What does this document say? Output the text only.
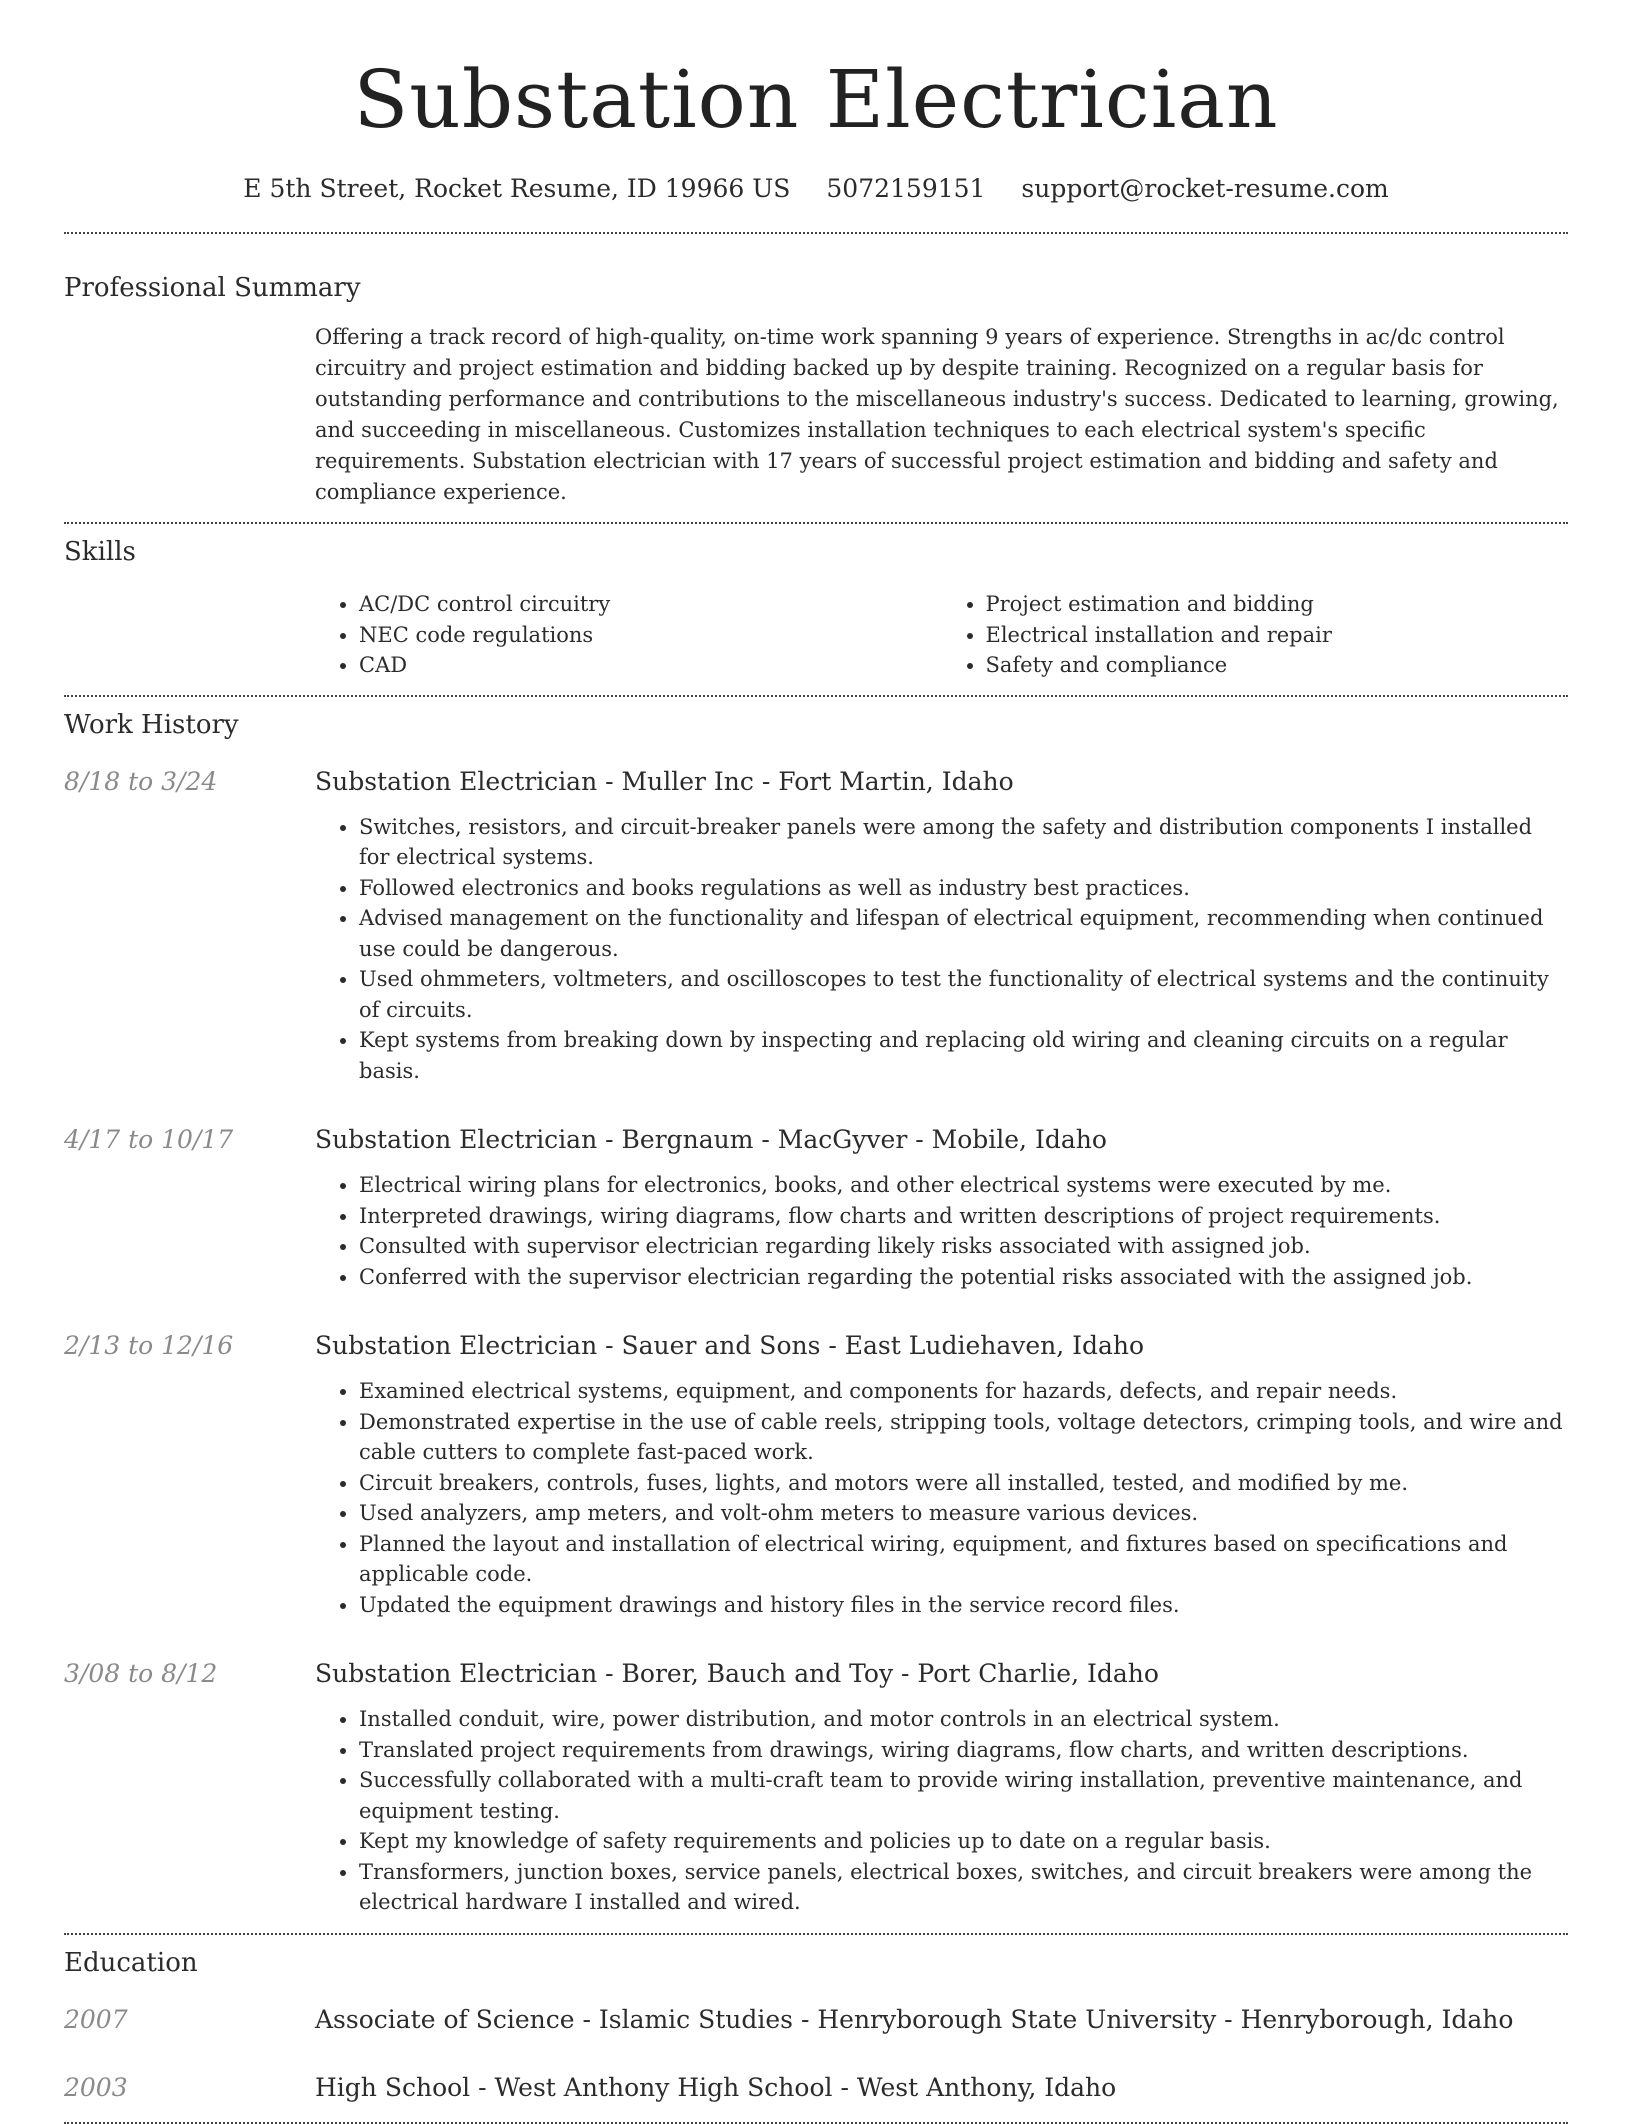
Substation Electrician
E 5th Street, Rocket Resume, ID 19966 US 5072159151 support@rocket-resume.com
Professional Summary

Offering a track record of high-quality, on-time work spanning 9 years of experience. Strengths in ac/dc control circuitry and project estimation and bidding backed up by despite training. Recognized on a regular basis for outstanding performance and contributions to the miscellaneous industry's success. Dedicated to learning, growing, and succeeding in miscellaneous. Customizes installation techniques to each electrical system's specific requirements. Substation electrician with 17 years of successful project estimation and bidding and safety and compliance experience.

Skills
• AC/DC control circuitry
• NEC code regulations
• CAD
• Project estimation and bidding
• Electrical installation and repair
• Safety and compliance
Work History
8/18 to 3/24	Substation Electrician - Muller Inc - Fort Martin, Idaho
• Switches, resistors, and circuit-breaker panels were among the safety and distribution components I installed for electrical systems.
• Followed electronics and books regulations as well as industry best practices.
• Advised management on the functionality and lifespan of electrical equipment, recommending when continued use could be dangerous.
• Used ohmmeters, voltmeters, and oscilloscopes to test the functionality of electrical systems and the continuity of circuits.
• Kept systems from breaking down by inspecting and replacing old wiring and cleaning circuits on a regular basis.
4/17 to 10/17	Substation Electrician - Bergnaum - MacGyver - Mobile, Idaho
• Electrical wiring plans for electronics, books, and other electrical systems were executed by me.
• Interpreted drawings, wiring diagrams, flow charts and written descriptions of project requirements.
• Consulted with supervisor electrician regarding likely risks associated with assigned job.
• Conferred with the supervisor electrician regarding the potential risks associated with the assigned job.
2/13 to 12/16	Substation Electrician - Sauer and Sons - East Ludiehaven, Idaho
• Examined electrical systems, equipment, and components for hazards, defects, and repair needs.
• Demonstrated expertise in the use of cable reels, stripping tools, voltage detectors, crimping tools, and wire and cable cutters to complete fast-paced work.
• Circuit breakers, controls, fuses, lights, and motors were all installed, tested, and modified by me.
• Used analyzers, amp meters, and volt-ohm meters to measure various devices.
• Planned the layout and installation of electrical wiring, equipment, and fixtures based on specifications and applicable code.
• Updated the equipment drawings and history files in the service record files.
3/08 to 8/12	Substation Electrician - Borer, Bauch and Toy - Port Charlie, Idaho
• Installed conduit, wire, power distribution, and motor controls in an electrical system.
• Translated project requirements from drawings, wiring diagrams, flow charts, and written descriptions.
• Successfully collaborated with a multi-craft team to provide wiring installation, preventive maintenance, and equipment testing.
• Kept my knowledge of safety requirements and policies up to date on a regular basis.
• Transformers, junction boxes, service panels, electrical boxes, switches, and circuit breakers were among the electrical hardware I installed and wired.
Education
2007	Associate of Science - Islamic Studies - Henryborough State University - Henryborough, Idaho
2003	High School - West Anthony High School - West Anthony, Idaho
